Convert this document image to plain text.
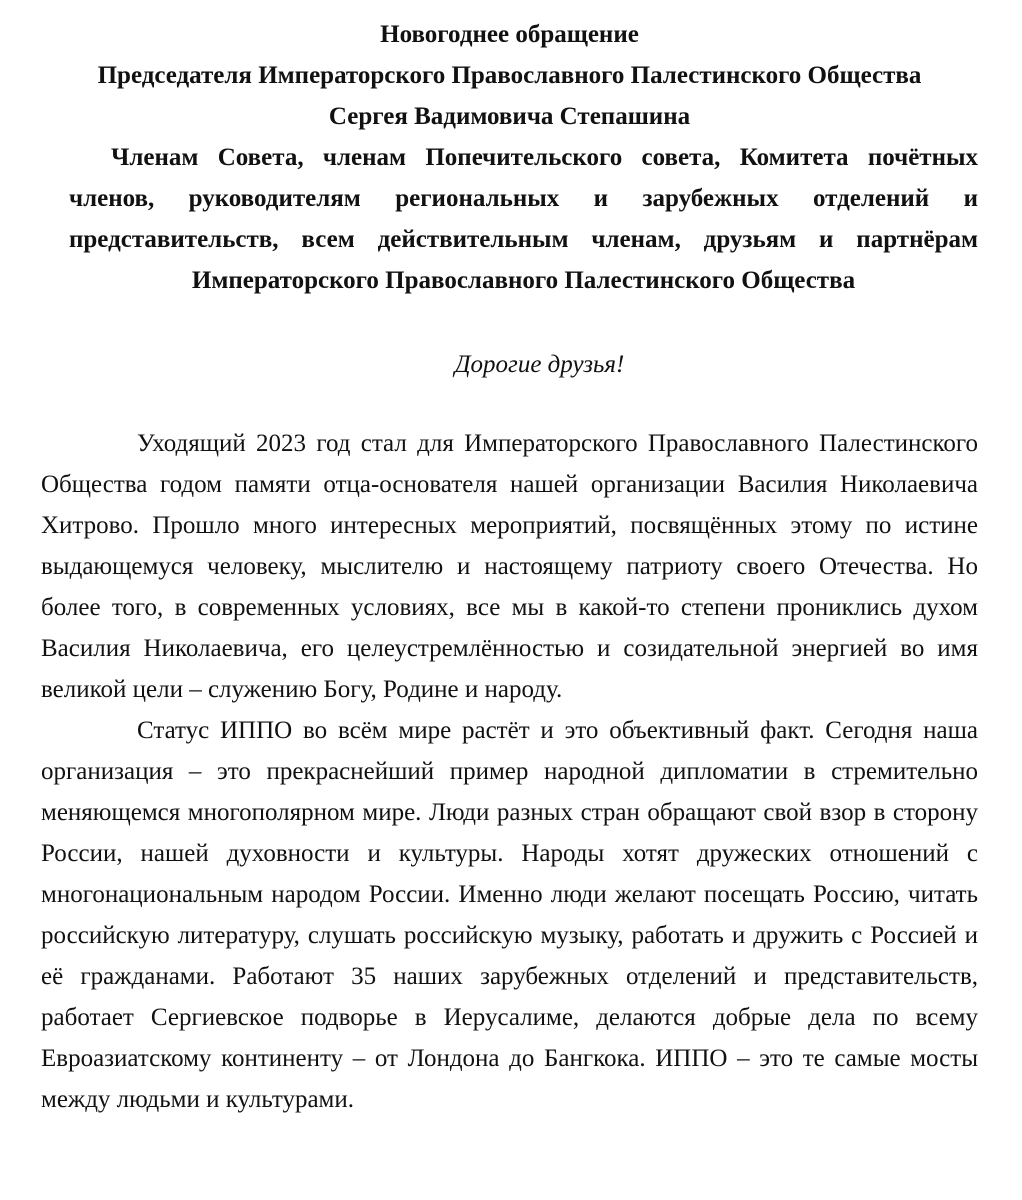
Новогоднее обращение
Председателя Императорского Православного Палестинского Общества
Сергея Вадимовича Степашина

Членам Совета, членам Попечительского совета, Комитета почётных членов, руководителям региональных и зарубежных отделений и представительств, всем действительным членам, друзьям и партнёрам Императорского Православного Палестинского Общества

Дорогие друзья!

Уходящий 2023 год стал для Императорского Православного Палестинского Общества годом памяти отца-основателя нашей организации Василия Николаевича Хитрово. Прошло много интересных мероприятий, посвящённых этому по истине выдающемуся человеку, мыслителю и настоящему патриоту своего Отечества. Но более того, в современных условиях, все мы в какой-то степени прониклись духом Василия Николаевича, его целеустремлённостью и созидательной энергией во имя великой цели – служению Богу, Родине и народу.

Статус ИППО во всём мире растёт и это объективный факт. Сегодня наша организация – это прекраснейший пример народной дипломатии в стремительно меняющемся многополярном мире. Люди разных стран обращают свой взор в сторону России, нашей духовности и культуры. Народы хотят дружеских отношений с многонациональным народом России. Именно люди желают посещать Россию, читать российскую литературу, слушать российскую музыку, работать и дружить с Россией и её гражданами. Работают 35 наших зарубежных отделений и представительств, работает Сергиевское подворье в Иерусалиме, делаются добрые дела по всему Евроазиатскому континенту – от Лондона до Бангкока. ИППО – это те самые мосты между людьми и культурами.
